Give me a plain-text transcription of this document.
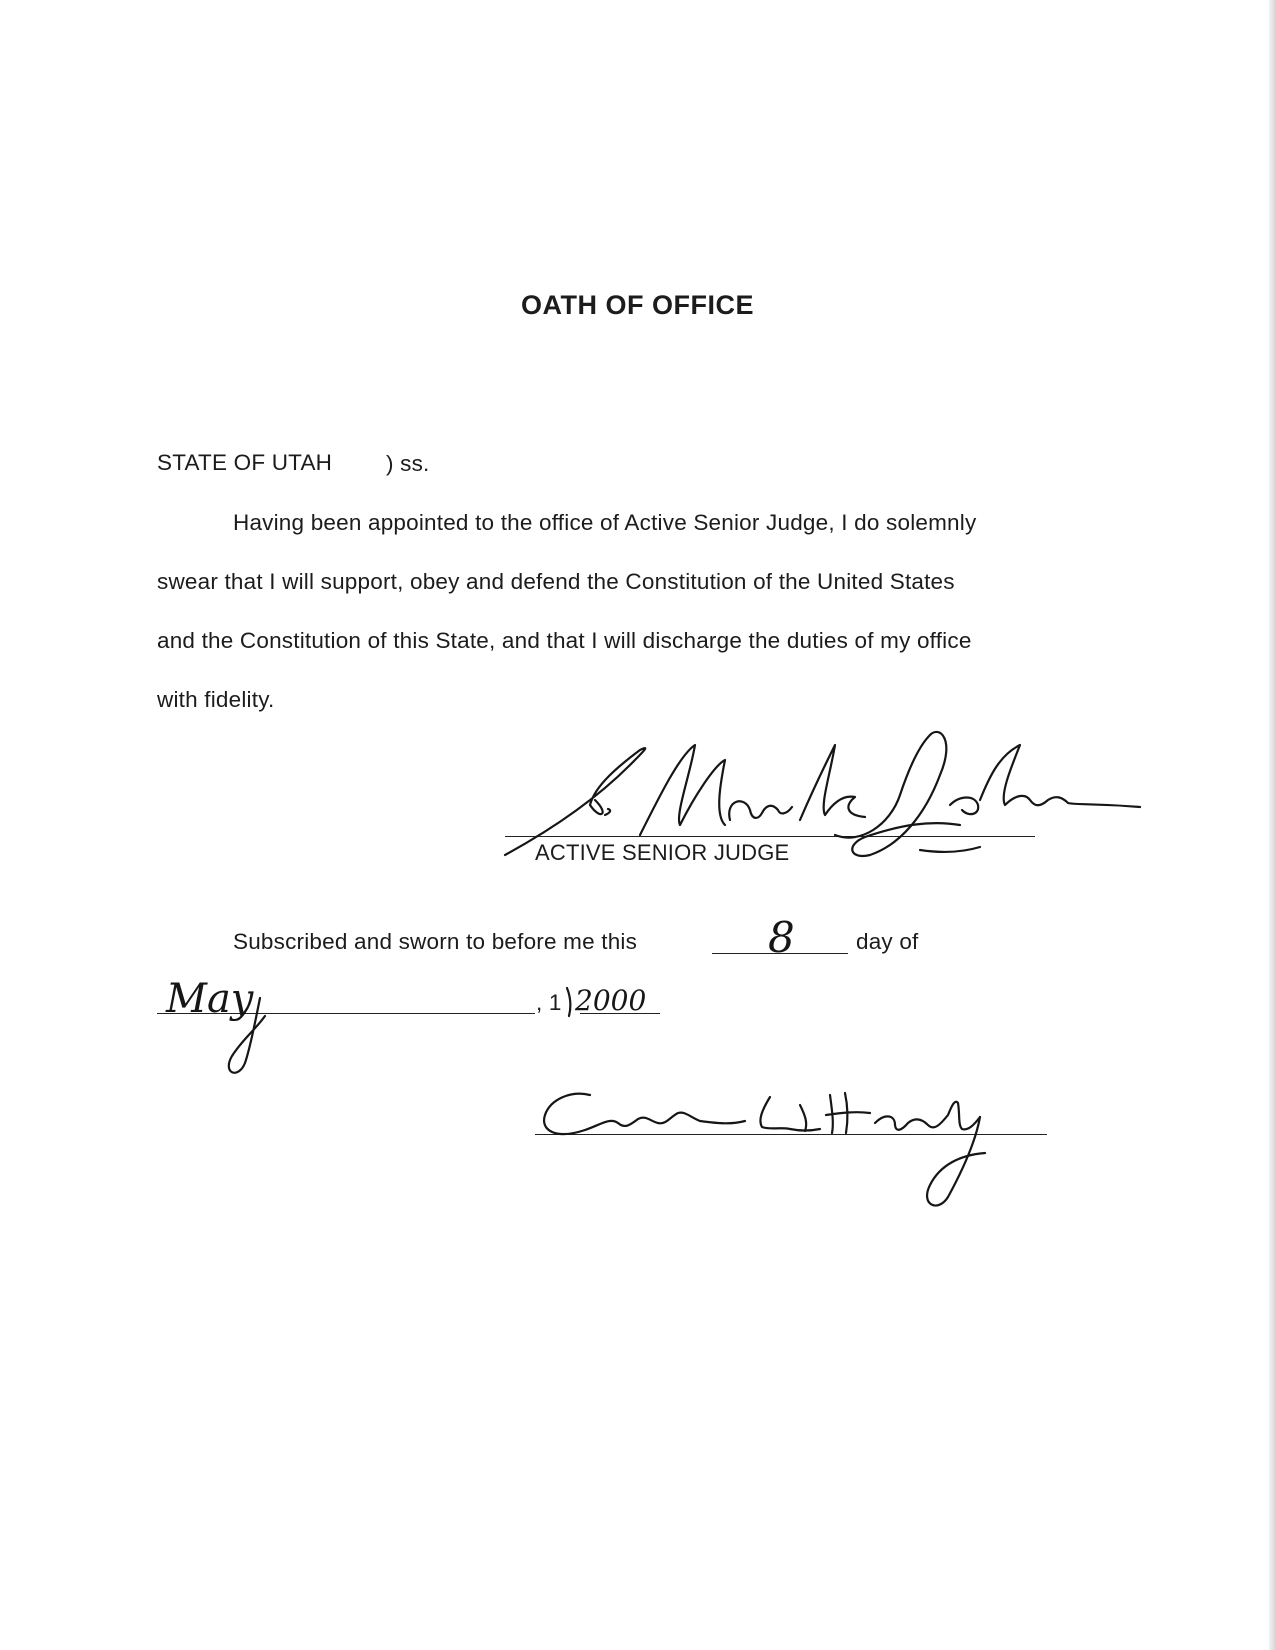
OATH OF OFFICE
STATE OF UTAH ) ss.
Having been appointed to the office of Active Senior Judge, I do solemnly
swear that I will support, obey and defend the Constitution of the United States
and the Constitution of this State, and that I will discharge the duties of my office
with fidelity.
ACTIVE SENIOR JUDGE
Subscribed and sworn to before me this	8	day of
May	, 1 2000
